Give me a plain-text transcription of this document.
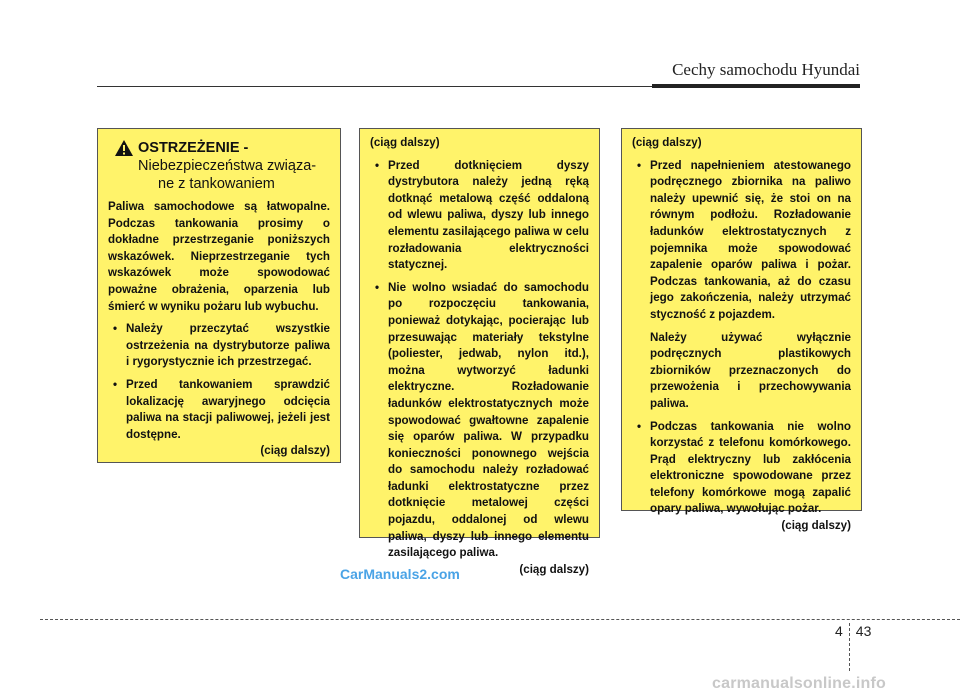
Cechy samochodu Hyundai
OSTRZEŻENIE -
Niebezpieczeństwa związa-
ne z tankowaniem

Paliwa samochodowe są łatwopalne. Podczas tankowania prosimy o dokładne przestrzeganie poniższych wskazówek. Nieprzestrzeganie tych wskazówek może spowodować poważne obrażenia, oparzenia lub śmierć w wyniku pożaru lub wybuchu.

• Należy przeczytać wszystkie ostrzeżenia na dystrybutorze paliwa i rygorystycznie ich przestrzegać.
• Przed tankowaniem sprawdzić lokalizację awaryjnego odcięcia paliwa na stacji paliwowej, jeżeli jest dostępne.

(ciąg dalszy)

(ciąg dalszy)

• Przed dotknięciem dyszy dystrybutora należy jedną ręką dotknąć metalową część oddaloną od wlewu paliwa, dyszy lub innego elementu zasilającego paliwa w celu rozładowania elektryczności statycznej.
• Nie wolno wsiadać do samochodu po rozpoczęciu tankowania, ponieważ dotykając, pocierając lub przesuwając materiały tekstylne (poliester, jedwab, nylon itd.), można wytworzyć ładunki elektryczne. Rozładowanie ładunków elektrostatycznych może spowodować gwałtowne zapalenie się oparów paliwa. W przypadku konieczności ponownego wejścia do samochodu należy rozładować ładunki elektrostatyczne przez dotknięcie metalowej części pojazdu, oddalonej od wlewu paliwa, dyszy lub innego elementu zasilającego paliwa.

(ciąg dalszy)

(ciąg dalszy)

• Przed napełnieniem atestowanego podręcznego zbiornika na paliwo należy upewnić się, że stoi on na równym podłożu. Rozładowanie ładunków elektrostatycznych z pojemnika może spowodować zapalenie oparów paliwa i pożar. Podczas tankowania, aż do czasu jego zakończenia, należy utrzymać styczność z pojazdem.

Należy używać wyłącznie podręcznych plastikowych zbiorników przeznaczonych do przewożenia i przechowywania paliwa.

• Podczas tankowania nie wolno korzystać z telefonu komórkowego. Prąd elektryczny lub zakłócenia elektroniczne spowodowane przez telefony komórkowe mogą zapalić opary paliwa, wywołując pożar.

(ciąg dalszy)

CarManuals2.com
4 43
carmanualsonline.info
